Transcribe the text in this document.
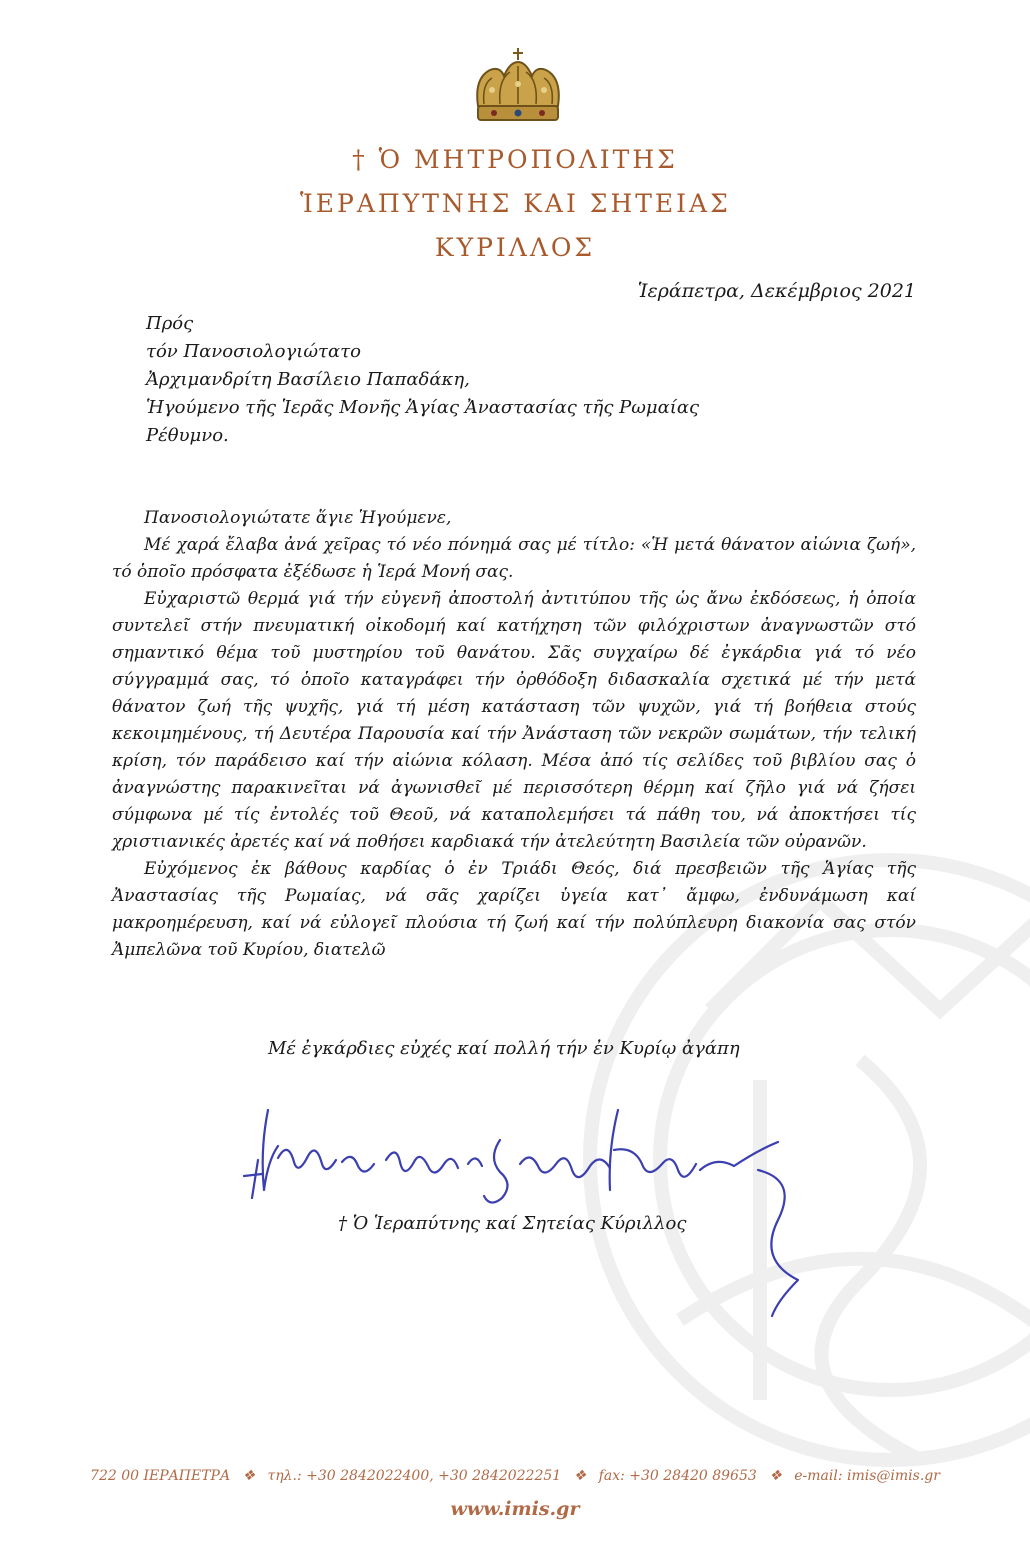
† Ὁ ΜΗΤΡΟΠΟΛΙΤΗΣ
ἹΕΡΑΠΥΤΝΗΣ ΚΑΙ ΣΗΤΕΙΑΣ
ΚΥΡΙΛΛΟΣ
Ἱεράπετρα, Δεκέμβριος 2021
Πρός
τόν Πανοσιολογιώτατο
Ἀρχιμανδρίτη Βασίλειο Παπαδάκη,
Ἡγούμενο τῆς Ἱερᾶς Μονῆς Ἁγίας Ἀναστασίας τῆς Ρωμαίας
Ρέθυμνο.

Πανοσιολογιώτατε ἅγιε Ἡγούμενε,

Μέ χαρά ἔλαβα ἀνά χεῖρας τό νέο πόνημά σας μέ τίτλο: «Ἡ μετά θάνατον αἰώνια ζωή», τό ὁποῖο πρόσφατα ἐξέδωσε ἡ Ἱερά Μονή σας.

Εὐχαριστῶ θερμά γιά τήν εὐγενῆ ἀποστολή ἀντιτύπου τῆς ὡς ἄνω ἐκδόσεως, ἡ ὁποία συντελεῖ στήν πνευματική οἰκοδομή καί κατήχηση τῶν φιλόχριστων ἀναγνωστῶν στό σημαντικό θέμα τοῦ μυστηρίου τοῦ θανάτου. Σᾶς συγχαίρω δέ ἐγκάρδια γιά τό νέο σύγγραμμά σας, τό ὁποῖο καταγράφει τήν ὀρθόδοξη διδασκαλία σχετικά μέ τήν μετά θάνατον ζωή τῆς ψυχῆς, γιά τή μέση κατάσταση τῶν ψυχῶν, γιά τή βοήθεια στούς κεκοιμημένους, τή Δευτέρα Παρουσία καί τήν Ἀνάσταση τῶν νεκρῶν σωμάτων, τήν τελική κρίση, τόν παράδεισο καί τήν αἰώνια κόλαση. Μέσα ἀπό τίς σελίδες τοῦ βιβλίου σας ὁ ἀναγνώστης παρακινεῖται νά ἀγωνισθεῖ μέ περισσότερη θέρμη καί ζῆλο γιά νά ζήσει σύμφωνα μέ τίς ἐντολές τοῦ Θεοῦ, νά καταπολεμήσει τά πάθη του, νά ἀποκτήσει τίς χριστιανικές ἀρετές καί νά ποθήσει καρδιακά τήν ἀτελεύτητη Βασιλεία τῶν οὐρανῶν.

Εὐχόμενος ἐκ βάθους καρδίας ὁ ἐν Τριάδι Θεός, διά πρεσβειῶν τῆς Ἁγίας τῆς Ἀναστασίας τῆς Ρωμαίας, νά σᾶς χαρίζει ὑγεία κατ᾽ ἄμφω, ἐνδυνάμωση καί μακροημέρευση, καί νά εὐλογεῖ πλούσια τή ζωή καί τήν πολύπλευρη διακονία σας στόν Ἀμπελῶνα τοῦ Κυρίου, διατελῶ

Μέ ἐγκάρδιες εὐχές καί πολλή τήν ἐν Κυρίῳ ἀγάπη
† Ὁ Ἱεραπύτνης καί Σητείας Κύριλλος
722 00 ΙΕΡΑΠΕΤΡΑ ❖ τηλ.: +30 2842022400, +30 2842022251 ❖ fax: +30 28420 89653 ❖ e-mail: imis@imis.gr
www.imis.gr
